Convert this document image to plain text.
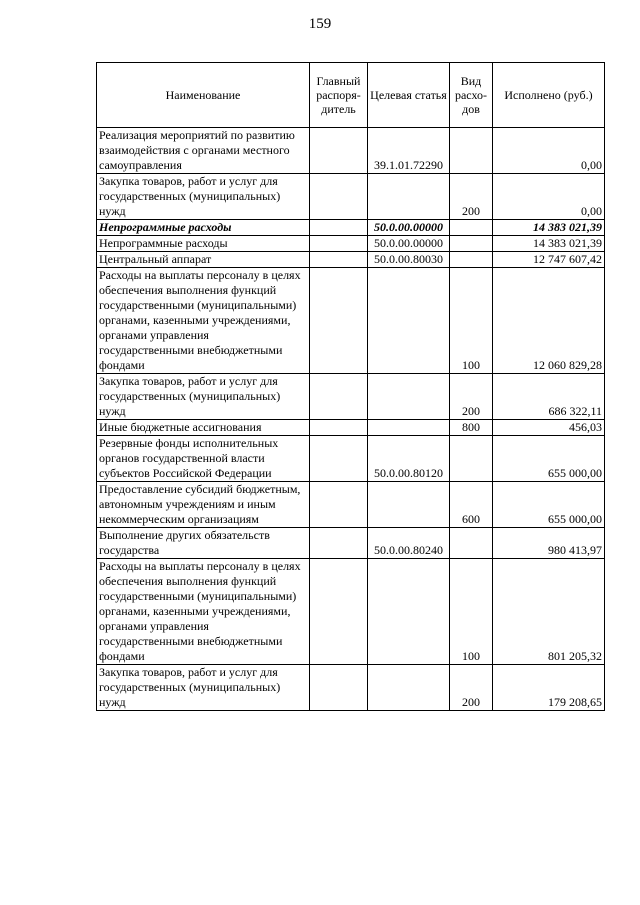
159
Наименование	Главный распоря-дитель	Целевая статья	Вид расхо-дов	Исполнено (руб.)
Реализация мероприятий по развитию взаимодействия с органами местного самоуправления		39.1.01.72290		0,00
Закупка товаров, работ и услуг для государственных (муниципальных) нужд			200	0,00
Непрограммные расходы		50.0.00.00000		14 383 021,39
Непрограммные расходы		50.0.00.00000		14 383 021,39
Центральный аппарат		50.0.00.80030		12 747 607,42
Расходы на выплаты персоналу в целях обеспечения выполнения функций государственными (муниципальными) органами, казенными учреждениями, органами управления государственными внебюджетными фондами			100	12 060 829,28
Закупка товаров, работ и услуг для государственных (муниципальных) нужд			200	686 322,11
Иные бюджетные ассигнования			800	456,03
Резервные фонды исполнительных органов государственной власти субъектов Российской Федерации		50.0.00.80120		655 000,00
Предоставление субсидий бюджетным, автономным учреждениям и иным некоммерческим организациям			600	655 000,00
Выполнение других обязательств государства		50.0.00.80240		980 413,97
Расходы на выплаты персоналу в целях обеспечения выполнения функций государственными (муниципальными) органами, казенными учреждениями, органами управления государственными внебюджетными фондами			100	801 205,32
Закупка товаров, работ и услуг для государственных (муниципальных) нужд			200	179 208,65
